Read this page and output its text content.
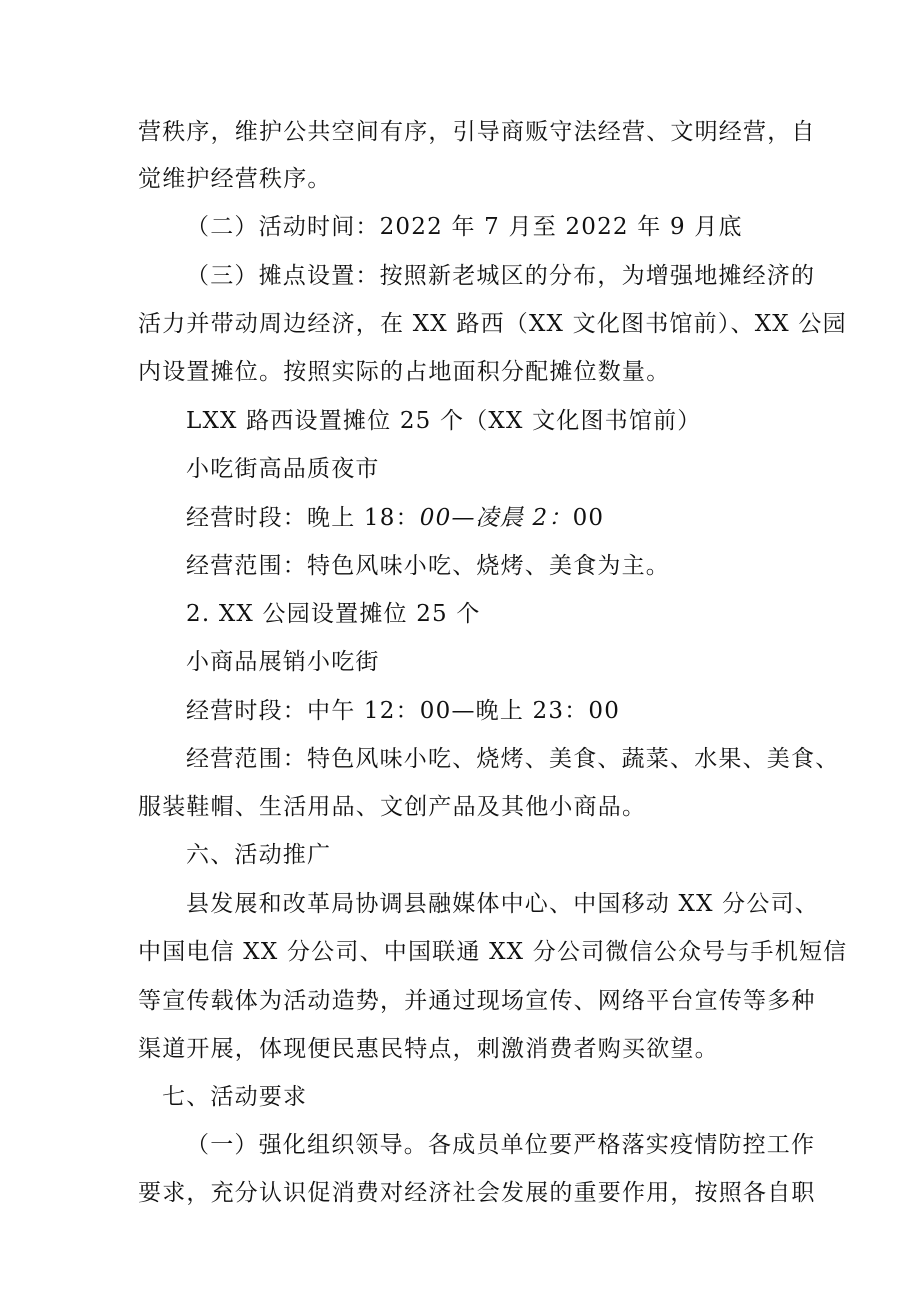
营秩序，维护公共空间有序，引导商贩守法经营、文明经营，自
觉维护经营秩序。
（二）活动时间：2022 年 7 月至 2022 年 9 月底
（三）摊点设置：按照新老城区的分布，为增强地摊经济的
活力并带动周边经济，在 XX 路西（XX 文化图书馆前）、XX 公园
内设置摊位。按照实际的占地面积分配摊位数量。
LXX 路西设置摊位 25 个（XX 文化图书馆前）
小吃街高品质夜市
经营时段：晚上 18：00—凌晨 2：00
经营范围：特色风味小吃、烧烤、美食为主。
2. XX 公园设置摊位 25 个
小商品展销小吃街
经营时段：中午 12：00—晚上 23：00
经营范围：特色风味小吃、烧烤、美食、蔬菜、水果、美食、
服装鞋帽、生活用品、文创产品及其他小商品。
六、活动推广
县发展和改革局协调县融媒体中心、中国移动 XX 分公司、
中国电信 XX 分公司、中国联通 XX 分公司微信公众号与手机短信
等宣传载体为活动造势，并通过现场宣传、网络平台宣传等多种
渠道开展，体现便民惠民特点，刺激消费者购买欲望。
七、活动要求
（一）强化组织领导。各成员单位要严格落实疫情防控工作
要求，充分认识促消费对经济社会发展的重要作用，按照各自职
